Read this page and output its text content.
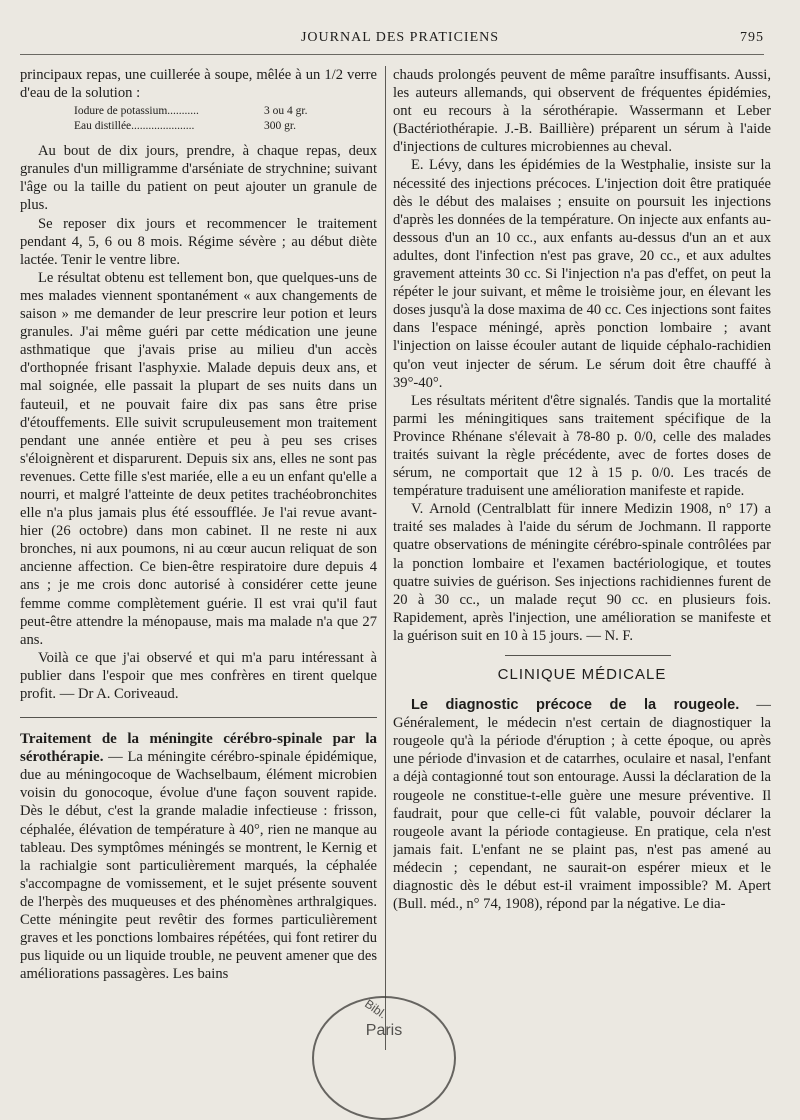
JOURNAL DES PRATICIENS	795

principaux repas, une cuillerée à soupe, mêlée à un 1/2 verre d'eau de la solution :

Iodure de potassium...........	3 ou 4 gr.
Eau distillée......................	300 gr.

Au bout de dix jours, prendre, à chaque repas, deux granules d'un milligramme d'arséniate de strychnine; suivant l'âge ou la taille du patient on peut ajouter un granule de plus.

Se reposer dix jours et recommencer le traitement pendant 4, 5, 6 ou 8 mois. Régime sévère ; au début diète lactée. Tenir le ventre libre.

Le résultat obtenu est tellement bon, que quelques-uns de mes malades viennent spontanément « aux changements de saison » me demander de leur prescrire leur potion et leurs granules. J'ai même guéri par cette médication une jeune asthmatique que j'avais prise au milieu d'un accès d'orthopnée frisant l'asphyxie. Malade depuis deux ans, et mal soignée, elle passait la plupart de ses nuits dans un fauteuil, et ne pouvait faire dix pas sans être prise d'étouffements. Elle suivit scrupuleusement mon traitement pendant une année entière et peu à peu ses crises s'éloignèrent et disparurent. Depuis six ans, elles ne sont pas revenues. Cette fille s'est mariée, elle a eu un enfant qu'elle a nourri, et malgré l'atteinte de deux petites trachéobronchites elle n'a plus jamais plus été essoufflée. Je l'ai revue avant-hier (26 octobre) dans mon cabinet. Il ne reste ni aux bronches, ni aux poumons, ni au cœur aucun reliquat de son ancienne affection. Ce bien-être respiratoire dure depuis 4 ans ; je me crois donc autorisé à considérer cette jeune femme comme complètement guérie. Il est vrai qu'il faut peut-être attendre la ménopause, mais ma malade n'a que 27 ans.

Voilà ce que j'ai observé et qui m'a paru intéressant à publier dans l'espoir que mes confrères en tirent quelque profit. — Dr A. Coriveaud.

Traitement de la méningite cérébro-spinale par la sérothérapie. — La méningite cérébro-spinale épidémique, due au méningocoque de Wachselbaum, élément microbien voisin du gonocoque, évolue d'une façon souvent rapide. Dès le début, c'est la grande maladie infectieuse : frisson, céphalée, élévation de température à 40°, rien ne manque au tableau. Des symptômes méningés se montrent, le Kernig et la rachialgie sont particulièrement marqués, la céphalée s'accompagne de vomissement, et le sujet présente souvent de l'herpès des muqueuses et des phénomènes arthralgiques. Cette méningite peut revêtir des formes particulièrement graves et les ponctions lombaires répétées, qui font retirer du pus liquide ou un liquide trouble, ne peuvent amener que des améliorations passagères. Les bains

chauds prolongés peuvent de même paraître insuffisants. Aussi, les auteurs allemands, qui observent de fréquentes épidémies, ont eu recours à la sérothérapie. Wassermann et Leber (Bactériothérapie. J.-B. Baillière) préparent un sérum à l'aide d'injections de cultures microbiennes au cheval.

E. Lévy, dans les épidémies de la Westphalie, insiste sur la nécessité des injections précoces. L'injection doit être pratiquée dès le début des malaises ; ensuite on poursuit les injections d'après les données de la température. On injecte aux enfants au-dessous d'un an 10 cc., aux enfants au-dessus d'un an et aux adultes, dont l'infection n'est pas grave, 20 cc., et aux adultes gravement atteints 30 cc. Si l'injection n'a pas d'effet, on peut la répéter le jour suivant, et même le troisième jour, en élevant les doses jusqu'à la dose maxima de 40 cc. Ces injections sont faites dans l'espace méningé, après ponction lombaire ; avant l'injection on laisse écouler autant de liquide céphalo-rachidien qu'on veut injecter de sérum. Le sérum doit être chauffé à 39°-40°.

Les résultats méritent d'être signalés. Tandis que la mortalité parmi les méningitiques sans traitement spécifique de la Province Rhénane s'élevait à 78-80 p. 0/0, celle des malades traités suivant la règle précédente, avec de fortes doses de sérum, ne comportait que 12 à 15 p. 0/0. Les tracés de température traduisent une amélioration manifeste et rapide.

V. Arnold (Centralblatt für innere Medizin 1908, n° 17) a traité ses malades à l'aide du sérum de Jochmann. Il rapporte quatre observations de méningite cérébro-spinale contrôlées par la ponction lombaire et l'examen bactériologique, et toutes quatre suivies de guérison. Ses injections rachidiennes furent de 20 à 30 cc., un malade reçut 90 cc. en plusieurs fois. Rapidement, après l'injection, une amélioration se manifeste et la guérison suit en 10 à 15 jours. — N. F.

CLINIQUE MÉDICALE

Le diagnostic précoce de la rougeole. — Généralement, le médecin n'est certain de diagnostiquer la rougeole qu'à la période d'éruption ; à cette époque, ou après une période d'invasion et de catarrhes, oculaire et nasal, l'enfant a déjà contagionné tout son entourage. Aussi la déclaration de la rougeole ne constitue-t-elle guère une mesure préventive. Il faudrait, pour que celle-ci fût valable, pouvoir déclarer la rougeole avant la période contagieuse. En pratique, cela n'est jamais fait. L'enfant ne se plaint pas, n'est pas amené au médecin ; cependant, ne saurait-on espérer mieux et le diagnostic dès le début est-il vraiment impossible? M. Apert (Bull. méd., n° 74, 1908), répond par la négative. Le dia-

Bibl.
Paris
